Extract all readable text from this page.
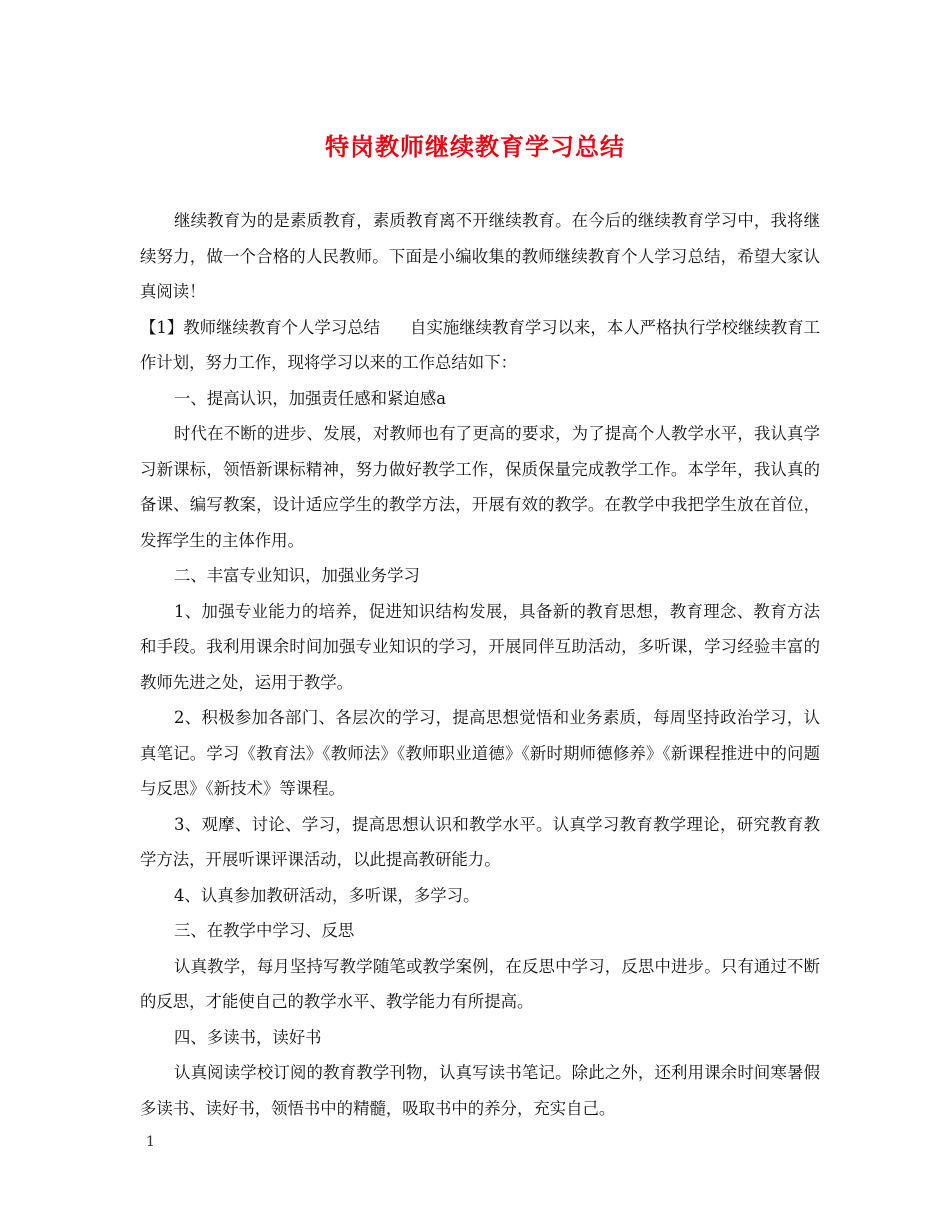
特岗教师继续教育学习总结

继续教育为的是素质教育，素质教育离不开继续教育。在今后的继续教育学习中，我将继续努力，做一个合格的人民教师。下面是小编收集的教师继续教育个人学习总结，希望大家认真阅读！

【1】教师继续教育个人学习总结 自实施继续教育学习以来，本人严格执行学校继续教育工作计划，努力工作，现将学习以来的工作总结如下：

一、提高认识，加强责任感和紧迫感a

时代在不断的进步、发展，对教师也有了更高的要求，为了提高个人教学水平，我认真学习新课标，领悟新课标精神，努力做好教学工作，保质保量完成教学工作。本学年，我认真的备课、编写教案，设计适应学生的教学方法，开展有效的教学。在教学中我把学生放在首位，发挥学生的主体作用。

二、丰富专业知识，加强业务学习

1、加强专业能力的培养，促进知识结构发展，具备新的教育思想，教育理念、教育方法和手段。我利用课余时间加强专业知识的学习，开展同伴互助活动，多听课，学习经验丰富的教师先进之处，运用于教学。

2、积极参加各部门、各层次的学习，提高思想觉悟和业务素质，每周坚持政治学习，认真笔记。学习《教育法》《教师法》《教师职业道德》《新时期师德修养》《新课程推进中的问题与反思》《新技术》等课程。

3、观摩、讨论、学习，提高思想认识和教学水平。认真学习教育教学理论，研究教育教学方法，开展听课评课活动，以此提高教研能力。

4、认真参加教研活动，多听课，多学习。

三、在教学中学习、反思

认真教学，每月坚持写教学随笔或教学案例，在反思中学习，反思中进步。只有通过不断的反思，才能使自己的教学水平、教学能力有所提高。

四、多读书，读好书

认真阅读学校订阅的教育教学刊物，认真写读书笔记。除此之外，还利用课余时间寒暑假多读书、读好书，领悟书中的精髓，吸取书中的养分，充实自己。

1
